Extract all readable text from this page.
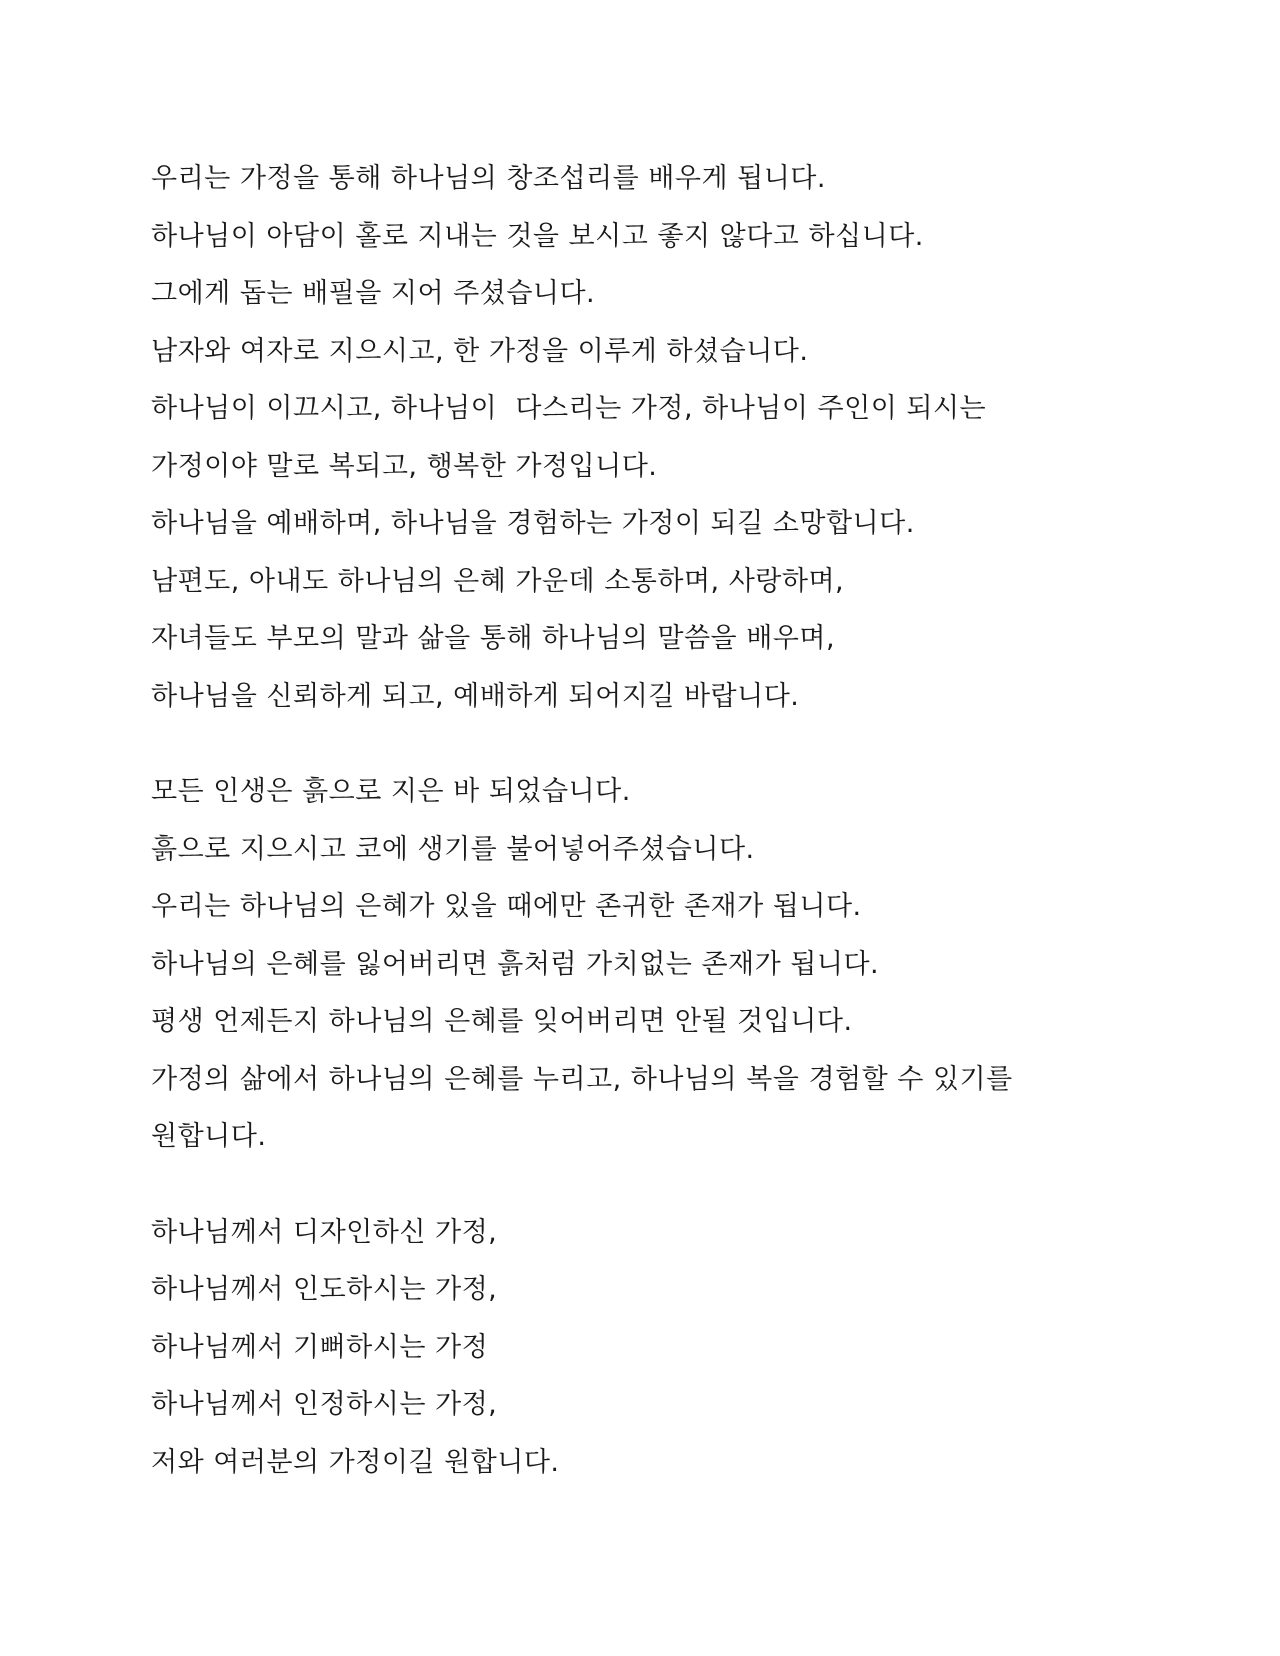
우리는 가정을 통해 하나님의 창조섭리를 배우게 됩니다.
하나님이 아담이 홀로 지내는 것을 보시고 좋지 않다고 하십니다.
그에게 돕는 배필을 지어 주셨습니다.
남자와 여자로 지으시고, 한 가정을 이루게 하셨습니다.
하나님이 이끄시고, 하나님이  다스리는 가정, 하나님이 주인이 되시는
가정이야 말로 복되고, 행복한 가정입니다.
하나님을 예배하며, 하나님을 경험하는 가정이 되길 소망합니다.
남편도, 아내도 하나님의 은혜 가운데 소통하며, 사랑하며,
자녀들도 부모의 말과 삶을 통해 하나님의 말씀을 배우며,
하나님을 신뢰하게 되고, 예배하게 되어지길 바랍니다.
모든 인생은 흙으로 지은 바 되었습니다.
흙으로 지으시고 코에 생기를 불어넣어주셨습니다.
우리는 하나님의 은혜가 있을 때에만 존귀한 존재가 됩니다.
하나님의 은혜를 잃어버리면 흙처럼 가치없는 존재가 됩니다.
평생 언제든지 하나님의 은혜를 잊어버리면 안될 것입니다.
가정의 삶에서 하나님의 은혜를 누리고, 하나님의 복을 경험할 수 있기를
원합니다.
하나님께서 디자인하신 가정,
하나님께서 인도하시는 가정,
하나님께서 기뻐하시는 가정
하나님께서 인정하시는 가정,
저와 여러분의 가정이길 원합니다.
